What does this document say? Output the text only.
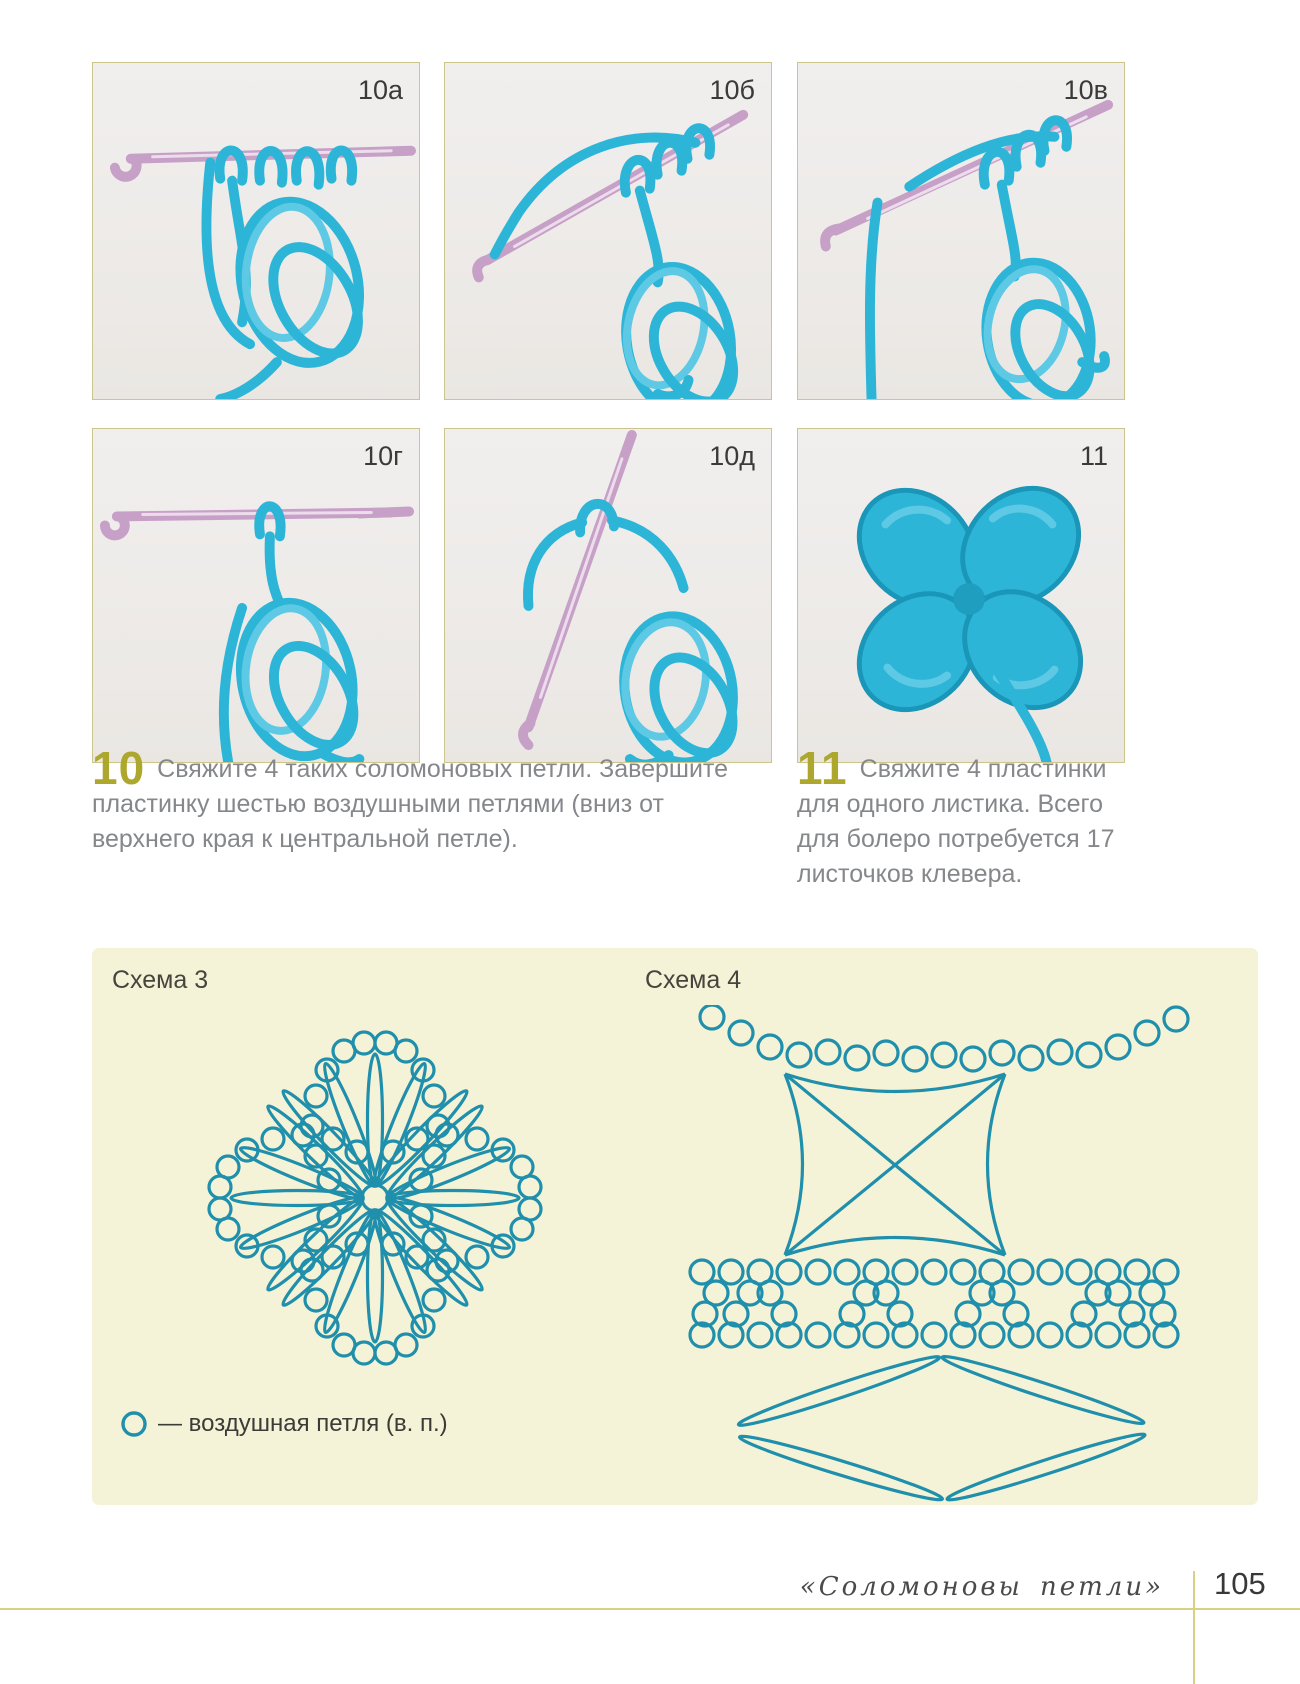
10а	10б	10в
10г	10д	11

10 Свяжите 4 таких соломоновых петли. Завершите пластинку шестью воздушными петлями (вниз от верхнего края к центральной петле).

11 Свяжите 4 пластинки для одного листика. Всего для болеро потребуется 17 листочков клевера.

Схема 3	Схема 4
— воздушная петля (в. п.)
«Соломоновы петли» 105
